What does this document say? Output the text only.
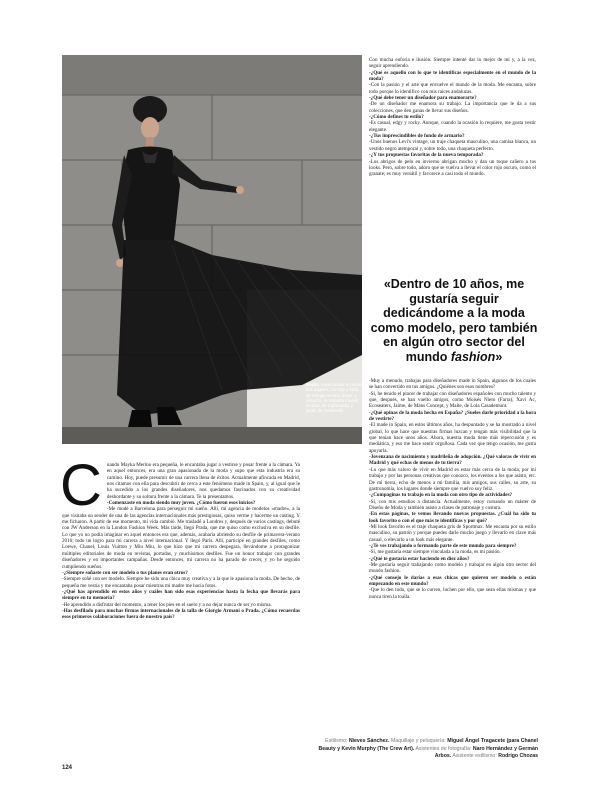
Mayka, espectacular en estas dos páginas, con top y falda, de Giorgio Armani; botas, y cinturón, de Roberto Cavalli; medias, de Calzedonia, y joyas, de Swarovski.

Con mucha euforia e ilusión. Siempre intenté dar lo mejor de mí y, a la vez, seguir aprendiendo.

-¿Qué es aquello con lo que te identificas especialmente en el mundo de la moda?

-Con la pasión y el arte que envuelve el mundo de la moda. Me encanta, sobre todo porque lo identifico con mis raíces andaluzas.

-¿Qué debe tener un diseñador para enamorarte?

-De un diseñador me enamora su trabajo. La importancia que le da a sus colecciones, que den ganas de llevar sus diseños.

-¿Cómo defines tu estilo?

-Es casual, edgy y rocky. Aunque, cuando la ocasión lo requiere, me gusta vestir elegante.

-¿Tus imprescindibles de fondo de armario?

-Unos buenos Levi's vintage, un traje chaqueta masculino, una camisa blanca, un vestido negro atemporal y, sobre todo, una chaqueta perfecto.

-¿Y tus propuestas favoritas de la nueva temporada?

-Los abrigos de pelo en invierno abrigan mucho y dan un toque cañero a tus looks. Pero, sobre todo, adoro que se vuelva a llevar el color rojo oscuro, como el granate; es muy versátil y favorece a casi todo el mundo.

«Dentro de 10 años, me gustaría seguir dedicándome a la moda como modelo, pero también en algún otro sector del mundo fashion»

-Muy a menudo, trabajas para diseñadores made in Spain, algunos de los cuales se han convertido en tus amigos. ¿Quiénes son esos nombres?

-Sí, he tenido el placer de trabajar con diseñadores españoles con mucho talento y que, después, se han vuelto amigos, como Moisés Nieto (Farra), Xavi Ac, Ecoseaters, Jaime, de Mans Concept, y Malte, de Lola Casademunt.

-¿Qué opinas de la moda hecha en España? ¿Sueles darle prioridad a la hora de vestirte?

-El made in Spain, en estos últimos años, ha despuntado y se ha mostrado a nivel global, lo que hace que nuestras firmas luzcan y tengan más visibilidad que la que tenían hace unos años. Ahora, nuestra moda tiene más repercusión y es mediática, y eso me hace sentir orgullosa. Cada vez que tengo ocasión, me gusta apoyarla.

-Jovenzana de nacimiento y madrileña de adopción. ¿Qué valoras de vivir en Madrid y qué echas de menos de tu tierra?

-Lo que más valoro de vivir en Madrid es estar más cerca de la moda, por mi trabajo y por las personas creativas que conozco, los eventos a los que asisto, etc. De mi tierra, echo de menos a mi familia, mis amigos, sus calles, su arte, su gastronomía, los lugares donde siempre que vuelvo soy feliz.

-¿Compaginas tu trabajo en la moda con otro tipo de actividades?

-Sí, con mis estudios a distancia. Actualmente, estoy cursando un máster de Diseño de Moda y también asisto a clases de patronaje y costura.

-En estas páginas, te vemos llevando nuevas propuestas. ¿Cuál ha sido tu look favorito o con el que más te identificas y por qué?

-Mi look favorito es el traje chaqueta gris de Sportmax. Me encanta por su estilo masculino, su patrón y porque puedes darle mucho juego y llevarlo en clave más casual, o elevarlo a un look más elegante.

-¿Te ves trabajando o formando parte de este mundo para siempre?

-Sí, me gustaría estar siempre vinculada a la moda, es mi pasión.

-¿Qué te gustaría estar haciendo en diez años?

-Me gustaría seguir trabajando como modelo y trabajar en algún otro sector del mundo fashion.

-¿Qué consejo le darías a esas chicas que quieren ser modelo o están empezando en este mundo?

-Que lo den todo, que se lo curren, luchen por ello, que sean ellas mismas y que nunca tiren la toalla.

C uando Mayka Merino era pequeña, le encantaba jugar a vestirse y posar frente a la cámara. Ya en aquel entonces, era una gran apasionada de la moda y supo que esta industria era su camino. Hoy, puede presumir de una carrera llena de éxitos. Actualmente afincada en Madrid, nos citamos con ella para descubrir de cerca a este fenómeno made in Spain, y, al igual que le ha sucedido a los grandes diseñadores, nos quedamos fascinados con su creatividad desbordante y su soltura frente a la cámara. Te la presentamos.

-Comenzaste en moda siendo muy joven. ¿Cómo fueron esos inicios?

-Me mudé a Barcelona para perseguir mi sueño. Allí, mi agencia de modelos «madre», a la que visitaba un sender de una de las agencias internacionales más prestigiosas, quiso verme y hacerme un casting. Y me ficharon. A partir de ese momento, mi vida cambió. Me trasladé a Londres y, después de varios castings, debuté con JW Anderson en la London Fashion Week. Más tarde, llegó Prada, que me quiso como exclusiva en su desfile. Lo que yo no podía imaginar en aquel entonces era que, además, acabaría abriendo su desfile de primavera-verano 2016; todo un logro para mi carrera a nivel internacional. Y llegó Paris. Allí, participé en grandes desfiles, como Loewe, Chanel, Louis Vuitton y Miu Miu, lo que hizo que mi carrera despegara, llevándome a protagonizar múltiples editoriales de moda en revistas, portadas, y muchísimos desfiles. Fue un honor trabajar con grandes diseñadores y en importantes campañas. Desde entonces, mi carrera no ha parado de crecer, y yo he seguido cumpliendo sueños.

-¿Siempre soñaste con ser modelo o tus planes eran otros?

-Siempre soñé con ser modelo. Siempre he sido una chica muy creativa y a la que le apasiona la moda. De hecho, de pequeña me vestía y me encantaba posar mientras mi madre me hacía fotos.

-¿Qué has aprendido en estos años y cuáles han sido esas experiencias hasta la fecha que llevarás para siempre en tu memoria?

-He aprendido a disfrutar del momento, a tener los pies en el suelo y a no dejar nunca de ser yo misma.

-Has desfilado para muchas firmas internacionales de la talla de Giorgio Armani o Prada. ¿Cómo recuerdas esos primeros colaboraciones fuera de nuestro país?

Estilismo: Nieves Sánchez. Maquillaje y peluquería: Miguel Ángel Tragacete (para Chanel Beauty y Kevin Murphy (The Crew Art). Asistentes de fotografía: Naro Hernández y Germán Arbos. Asistente estilismo: Rodrigo Chozas
124
